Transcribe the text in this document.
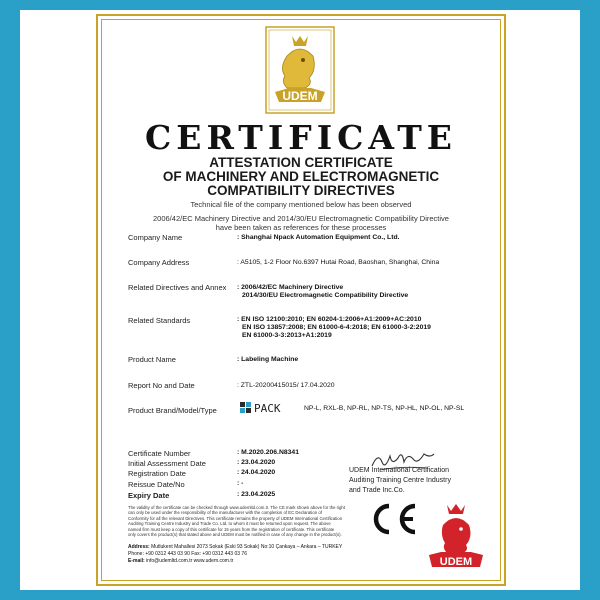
UDEM
CERTIFICATE
ATTESTATION CERTIFICATE
OF MACHINERY AND ELECTROMAGNETIC
COMPATIBILITY DIRECTIVES
Technical file of the company mentioned below has been observed
2006/42/EC Machinery Directive and 2014/30/EU Electromagnetic Compatibility Directive
have been taken as references for these processes
Company Name	: Shanghai Npack Automation Equipment Co., Ltd.
Company Address	: A5105, 1-2 Floor No.6397 Hutai Road, Baoshan, Shanghai, China
Related Directives and Annex : 2006/42/EC Machinery Directive
2014/30/EU Electromagnetic Compatibility Directive
Related Standards	: EN ISO 12100:2010; EN 60204-1:2006+A1:2009+AC:2010
EN ISO 13857:2008; EN 61000-6-4:2018; EN 61000-3-2:2019
EN 61000-3-3:2013+A1:2019
Product Name	: Labeling Machine
Report No and Date	: ZTL-20200415015/ 17.04.2020
Product Brand/Model/Type	PACK	NP-L, RXL-B, NP-RL, NP-TS, NP-HL, NP-OL, NP-SL
Certificate Number	: M.2020.206.N8341
Initial Assessment Date	: 23.04.2020
Registration Date	: 24.04.2020
Reissue Date/No	: -
Expiry Date	: 23.04.2025
UDEM International Certification
Auditing Training Centre Industry
and Trade Inc.Co.
CE
UDEM
The validity of the certificate can be checked through www.udemltd.com.tr. The CE mark shown above for the right
can only be used under the responsibility of the manufacturer with the completion of EC Declaration of
Conformity for all the relevant Directives. This certificate remains the property of UDEM International Certification
Auditing Training Centre Industry and Trade Co. Ltd. to whom it must be returned upon request. The above
named firm must keep a copy of this certificate for 15 years from the registration of certificate. This certificate
only covers the product(s) that stated above and UDEM must be notified in case of any change in the product(s).
Address: Mutlukent Mahallesi 2073 Sokak (Eski 93 Sokak) No:10 Çankaya – Ankara – TURKEY
Phone: +90 0312 443 03 90 Fax: +90 0312 443 03 76
E-mail: info@udemltd.com.tr www.udem.com.tr
